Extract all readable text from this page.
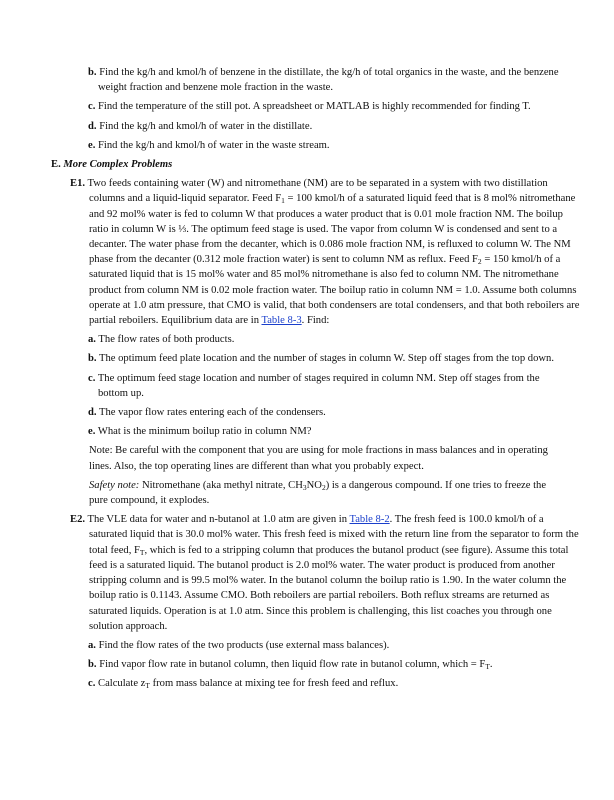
b. Find the kg/h and kmol/h of benzene in the distillate, the kg/h of total organics in the waste, and the benzene weight fraction and benzene mole fraction in the waste.

c. Find the temperature of the still pot. A spreadsheet or MATLAB is highly recommended for finding T.

d. Find the kg/h and kmol/h of water in the distillate.

e. Find the kg/h and kmol/h of water in the waste stream.

E. More Complex Problems

E1. Two feeds containing water (W) and nitromethane (NM) are to be separated in a system with two distillation columns and a liquid-liquid separator. Feed $F_1 = 100$ kmol/h of a saturated liquid feed that is 8 mol% nitromethane and 92 mol% water is fed to column W that produces a water product that is 0.01 mole fraction NM. The boilup ratio in column W is ⅓. The optimum feed stage is used. The vapor from column W is condensed and sent to a decanter. The water phase from the decanter, which is 0.086 mole fraction NM, is refluxed to column W. The NM phase from the decanter (0.312 mole fraction water) is sent to column NM as reflux. Feed $F_2 = 150$ kmol/h of a saturated liquid that is 15 mol% water and 85 mol% nitromethane is also fed to column NM. The nitromethane product from column NM is 0.02 mole fraction water. The boilup ratio in column NM = 1.0. Assume both columns operate at 1.0 atm pressure, that CMO is valid, that both condensers are total condensers, and that both reboilers are partial reboilers. Equilibrium data are in Table 8-3. Find:

a. The flow rates of both products.

b. The optimum feed plate location and the number of stages in column W. Step off stages from the top down.

c. The optimum feed stage location and number of stages required in column NM. Step off stages from the bottom up.

d. The vapor flow rates entering each of the condensers.

e. What is the minimum boilup ratio in column NM?

Note: Be careful with the component that you are using for mole fractions in mass balances and in operating lines. Also, the top operating lines are different than what you probably expect.

Safety note: Nitromethane (aka methyl nitrate, $CH_3NO_2$) is a dangerous compound. If one tries to freeze the pure compound, it explodes.

E2. The VLE data for water and n-butanol at 1.0 atm are given in Table 8-2. The fresh feed is 100.0 kmol/h of a saturated liquid that is 30.0 mol% water. This fresh feed is mixed with the return line from the separator to form the total feed, $F_T$, which is fed to a stripping column that produces the butanol product (see figure). Assume this total feed is a saturated liquid. The butanol product is 2.0 mol% water. The water product is produced from another stripping column and is 99.5 mol% water. In the butanol column the boilup ratio is 1.90. In the water column the boilup ratio is 0.1143. Assume CMO. Both reboilers are partial reboilers. Both reflux streams are returned as saturated liquids. Operation is at 1.0 atm. Since this problem is challenging, this list coaches you through one solution approach.

a. Find the flow rates of the two products (use external mass balances).

b. Find vapor flow rate in butanol column, then liquid flow rate in butanol column, which = $F_T$.

c. Calculate $z_T$ from mass balance at mixing tee for fresh feed and reflux.
